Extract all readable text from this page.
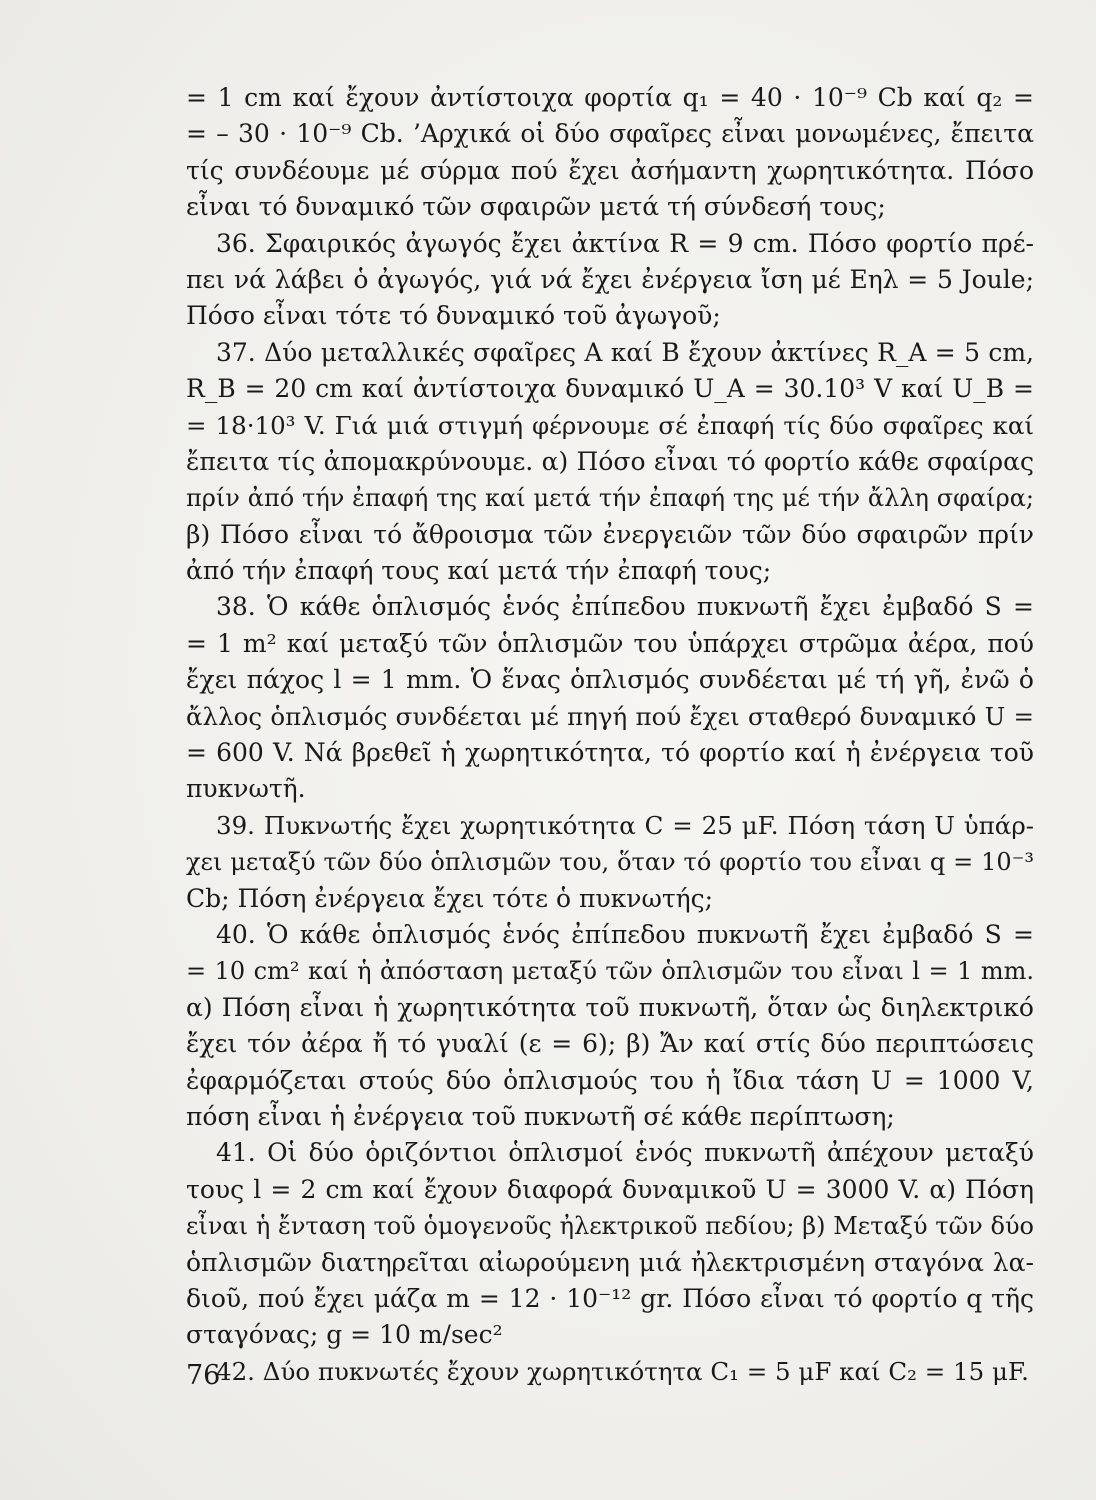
= 1 cm καί ἔχουν ἀντίστοιχα φορτία q₁ = 40 · 10⁻⁹ Cb καί q₂ =
= – 30 · 10⁻⁹ Cb. ’Αρχικά οἱ δύο σφαῖρες εἶναι μονωμένες, ἔπειτα
τίς συνδέουμε μέ σύρμα πού ἔχει ἀσήμαντη χωρητικότητα. Πόσο
εἶναι τό δυναμικό τῶν σφαιρῶν μετά τή σύνδεσή τους;
36. Σφαιρικός ἀγωγός ἔχει ἀκτίνα R = 9 cm. Πόσο φορτίο πρέ-
πει νά λάβει ὁ ἀγωγός, γιά νά ἔχει ἐνέργεια ἴση μέ Eηλ = 5 Joule;
Πόσο εἶναι τότε τό δυναμικό τοῦ ἀγωγοῦ;
37. Δύο μεταλλικές σφαῖρες Α καί Β ἔχουν ἀκτίνες R_A = 5 cm,
R_B = 20 cm καί ἀντίστοιχα δυναμικό U_A = 30.10³ V καί U_B =
= 18·10³ V. Γιά μιά στιγμή φέρνουμε σέ ἐπαφή τίς δύο σφαῖρες καί
ἔπειτα τίς ἀπομακρύνουμε. α) Πόσο εἶναι τό φορτίο κάθε σφαίρας
πρίν ἀπό τήν ἐπαφή της καί μετά τήν ἐπαφή της μέ τήν ἄλλη σφαίρα;
β) Πόσο εἶναι τό ἄθροισμα τῶν ἐνεργειῶν τῶν δύο σφαιρῶν πρίν
ἀπό τήν ἐπαφή τους καί μετά τήν ἐπαφή τους;
38. Ὁ κάθε ὁπλισμός ἑνός ἐπίπεδου πυκνωτῆ ἔχει ἐμβαδό S =
= 1 m² καί μεταξύ τῶν ὁπλισμῶν του ὑπάρχει στρῶμα ἀέρα, πού
ἔχει πάχος l = 1 mm. Ὁ ἕνας ὁπλισμός συνδέεται μέ τή γῆ, ἐνῶ ὁ
ἄλλος ὁπλισμός συνδέεται μέ πηγή πού ἔχει σταθερό δυναμικό U =
= 600 V. Νά βρεθεῖ ἡ χωρητικότητα, τό φορτίο καί ἡ ἐνέργεια τοῦ
πυκνωτῆ.
39. Πυκνωτής ἔχει χωρητικότητα C = 25 μF. Πόση τάση U ὑπάρ-
χει μεταξύ τῶν δύο ὁπλισμῶν του, ὅταν τό φορτίο του εἶναι q = 10⁻³
Cb; Πόση ἐνέργεια ἔχει τότε ὁ πυκνωτής;
40. Ὁ κάθε ὁπλισμός ἑνός ἐπίπεδου πυκνωτῆ ἔχει ἐμβαδό S =
= 10 cm² καί ἡ ἀπόσταση μεταξύ τῶν ὁπλισμῶν του εἶναι l = 1 mm.
α) Πόση εἶναι ἡ χωρητικότητα τοῦ πυκνωτῆ, ὅταν ὡς διηλεκτρικό
ἔχει τόν ἀέρα ἤ τό γυαλί (ε = 6); β) Ἄν καί στίς δύο περιπτώσεις
ἐφαρμόζεται στούς δύο ὁπλισμούς του ἡ ἴδια τάση U = 1000 V,
πόση εἶναι ἡ ἐνέργεια τοῦ πυκνωτῆ σέ κάθε περίπτωση;
41. Οἱ δύο ὁριζόντιοι ὁπλισμοί ἑνός πυκνωτῆ ἀπέχουν μεταξύ
τους l = 2 cm καί ἔχουν διαφορά δυναμικοῦ U = 3000 V. α) Πόση
εἶναι ἡ ἔνταση τοῦ ὁμογενοῦς ἠλεκτρικοῦ πεδίου; β) Μεταξύ τῶν δύο
ὁπλισμῶν διατηρεῖται αἰωρούμενη μιά ἠλεκτρισμένη σταγόνα λα-
διοῦ, πού ἔχει μάζα m = 12 · 10⁻¹² gr. Πόσο εἶναι τό φορτίο q τῆς
σταγόνας; g = 10 m/sec²
42. Δύο πυκνωτές ἔχουν χωρητικότητα C₁ = 5 μF καί C₂ = 15 μF.
76
